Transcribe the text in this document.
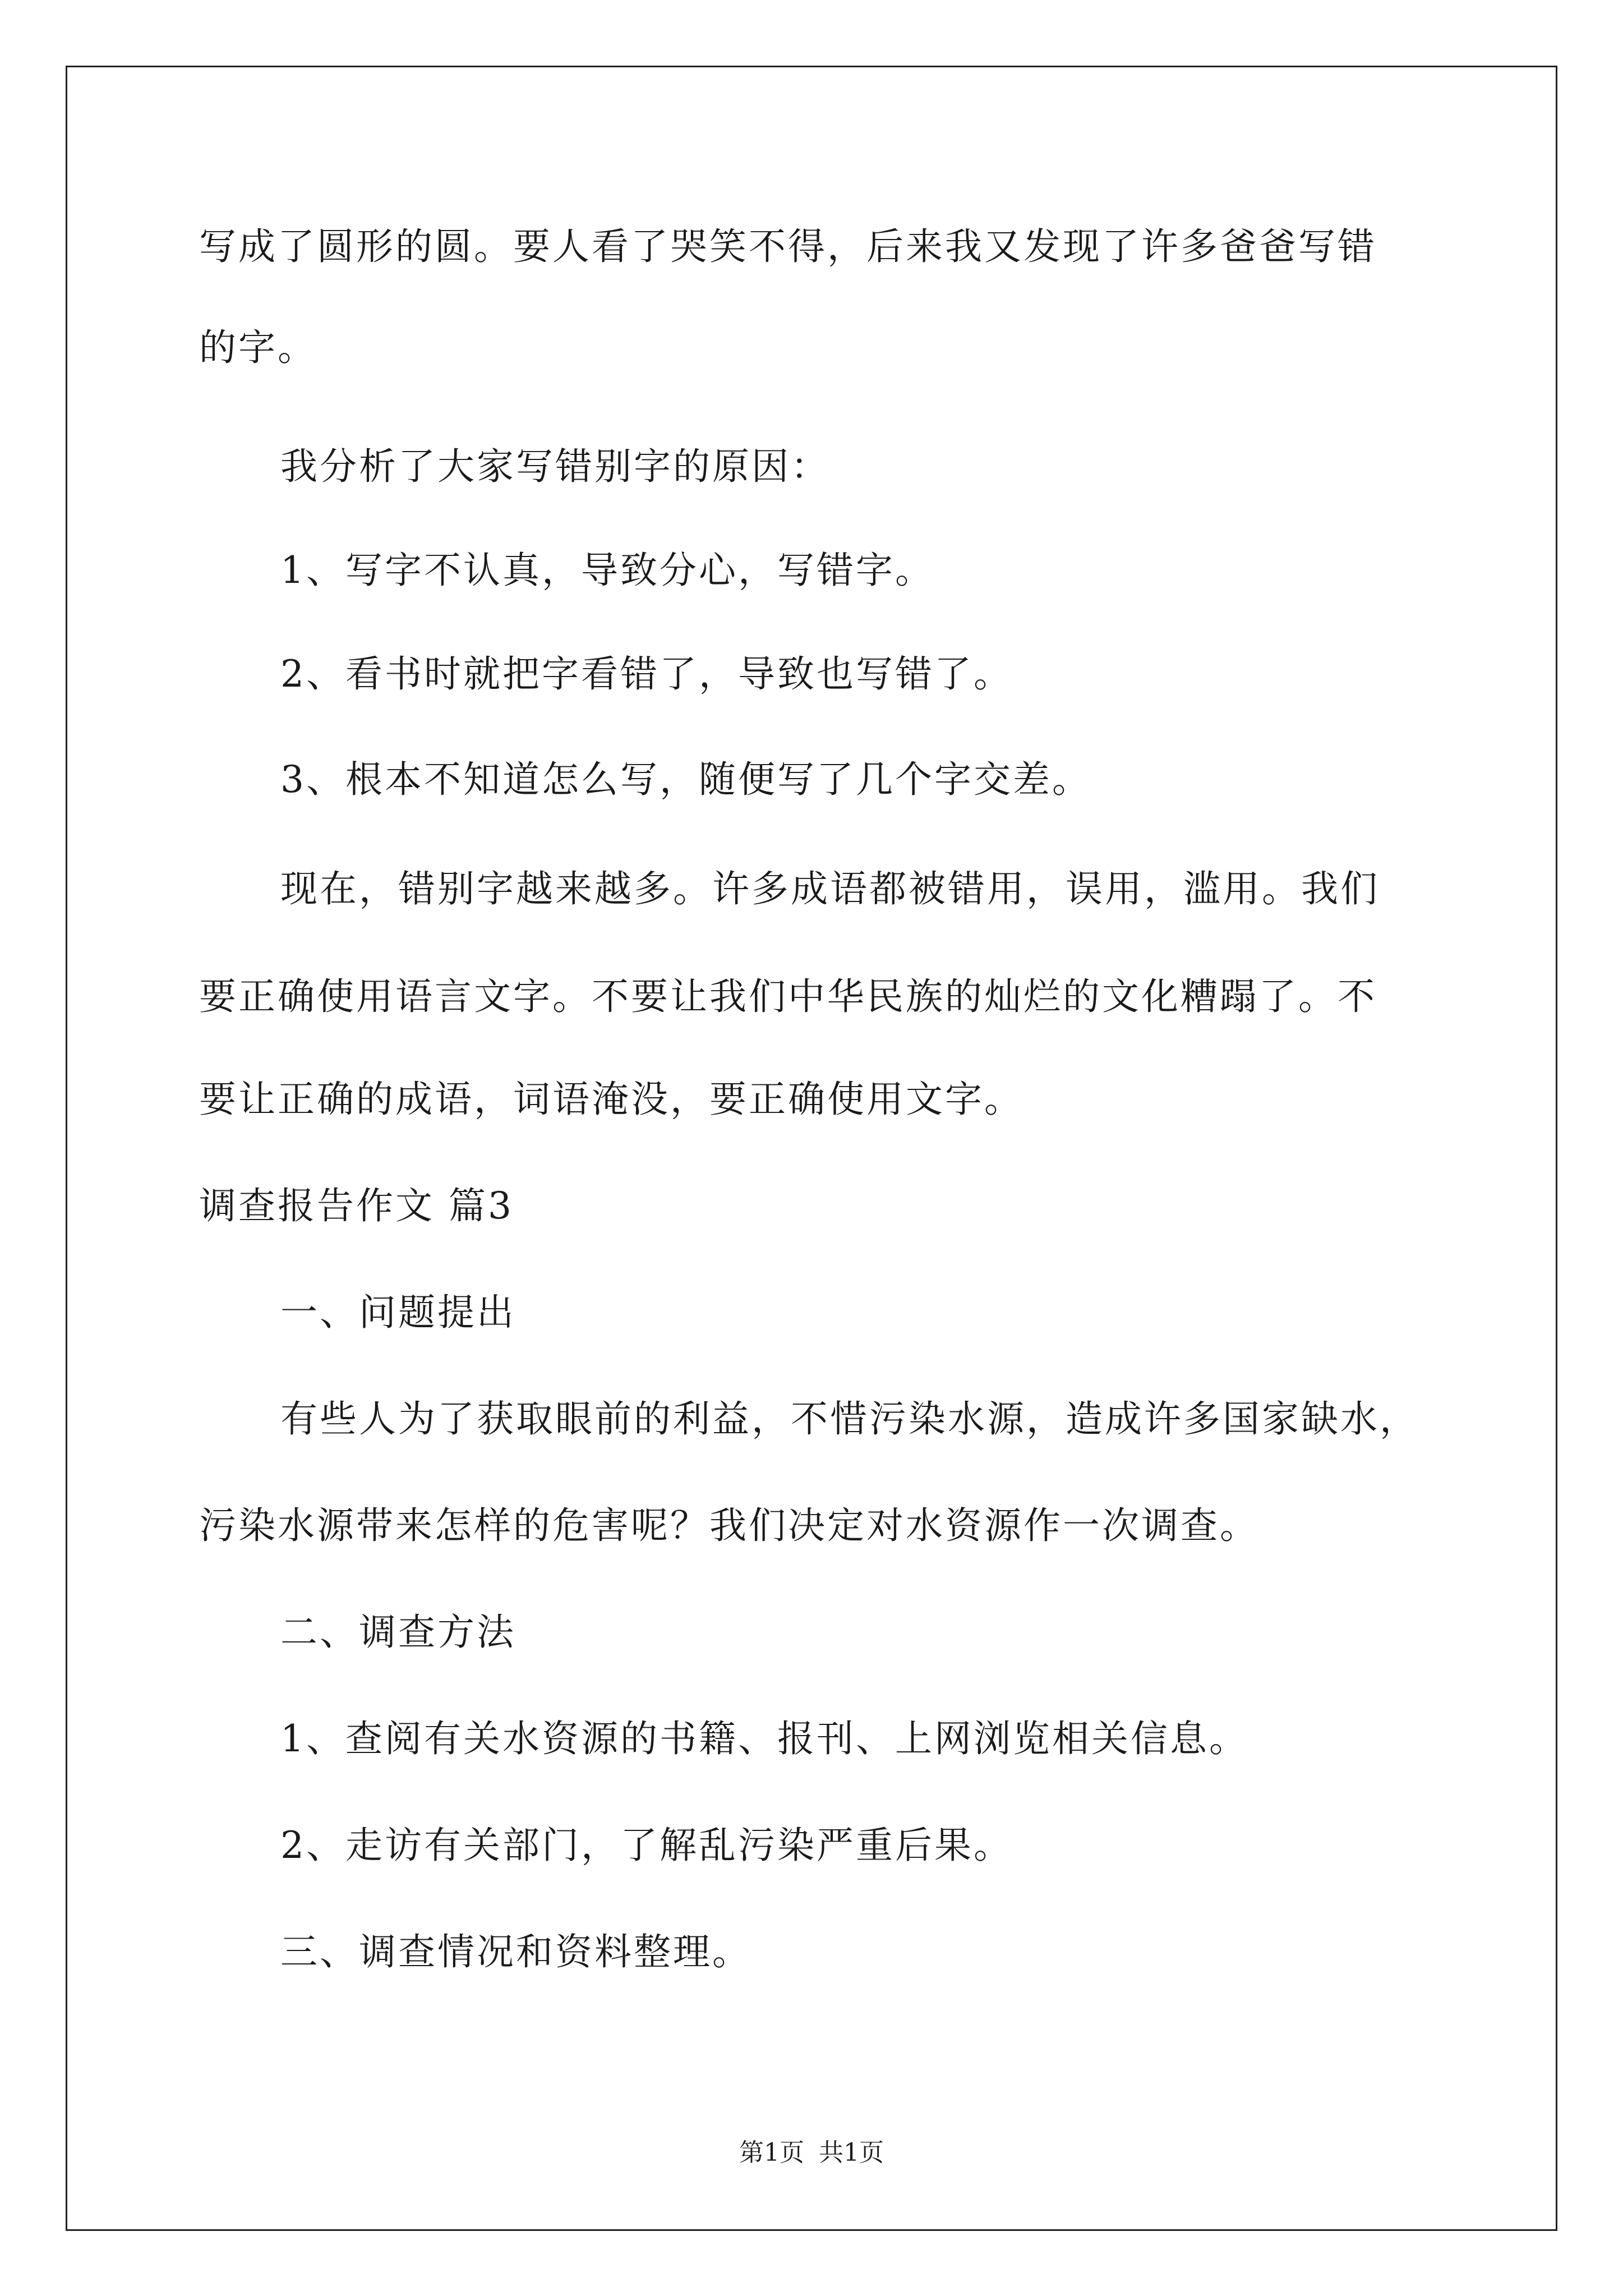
写成了圆形的圆。要人看了哭笑不得，后来我又发现了许多爸爸写错
的字。
我分析了大家写错别字的原因：
1、写字不认真，导致分心，写错字。
2、看书时就把字看错了，导致也写错了。
3、根本不知道怎么写，随便写了几个字交差。
现在，错别字越来越多。许多成语都被错用，误用，滥用。我们
要正确使用语言文字。不要让我们中华民族的灿烂的文化糟蹋了。不
要让正确的成语，词语淹没，要正确使用文字。
调查报告作文 篇3
一、问题提出
有些人为了获取眼前的利益，不惜污染水源，造成许多国家缺水，
污染水源带来怎样的危害呢？我们决定对水资源作一次调查。
二、调查方法
1、查阅有关水资源的书籍、报刊、上网浏览相关信息。
2、走访有关部门，了解乱污染严重后果。
三、调查情况和资料整理。
第1页 共1页
